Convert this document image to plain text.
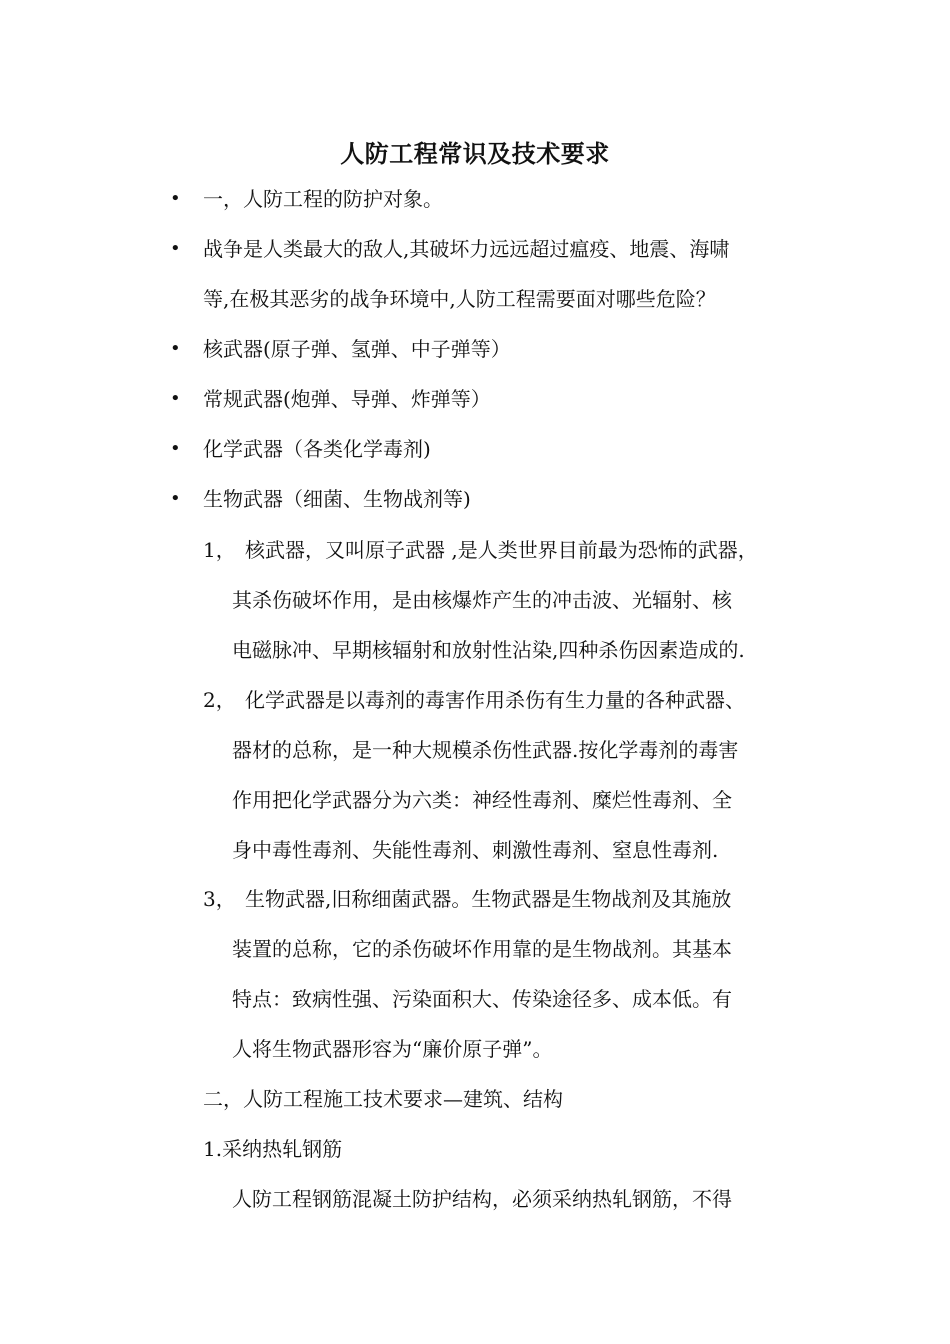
人防工程常识及技术要求
• 一，人防工程的防护对象。
• 战争是人类最大的敌人,其破坏力远远超过瘟疫、地震、海啸
等,在极其恶劣的战争环境中,人防工程需要面对哪些危险？
• 核武器(原子弹、氢弹、中子弹等）
• 常规武器(炮弹、导弹、炸弹等）
• 化学武器（各类化学毒剂)
• 生物武器（细菌、生物战剂等)
1， 核武器，又叫原子武器 ,是人类世界目前最为恐怖的武器，
其杀伤破坏作用，是由核爆炸产生的冲击波、光辐射、核
电磁脉冲、早期核辐射和放射性沾染,四种杀伤因素造成的.
2， 化学武器是以毒剂的毒害作用杀伤有生力量的各种武器、
器材的总称，是一种大规模杀伤性武器.按化学毒剂的毒害
作用把化学武器分为六类：神经性毒剂、糜烂性毒剂、全
身中毒性毒剂、失能性毒剂、刺激性毒剂、窒息性毒剂.
3， 生物武器,旧称细菌武器。生物武器是生物战剂及其施放
装置的总称，它的杀伤破坏作用靠的是生物战剂。其基本
特点：致病性强、污染面积大、传染途径多、成本低。有
人将生物武器形容为“廉价原子弹”。
二，人防工程施工技术要求—建筑、结构
1.采纳热轧钢筋
人防工程钢筋混凝土防护结构，必须采纳热轧钢筋，不得
